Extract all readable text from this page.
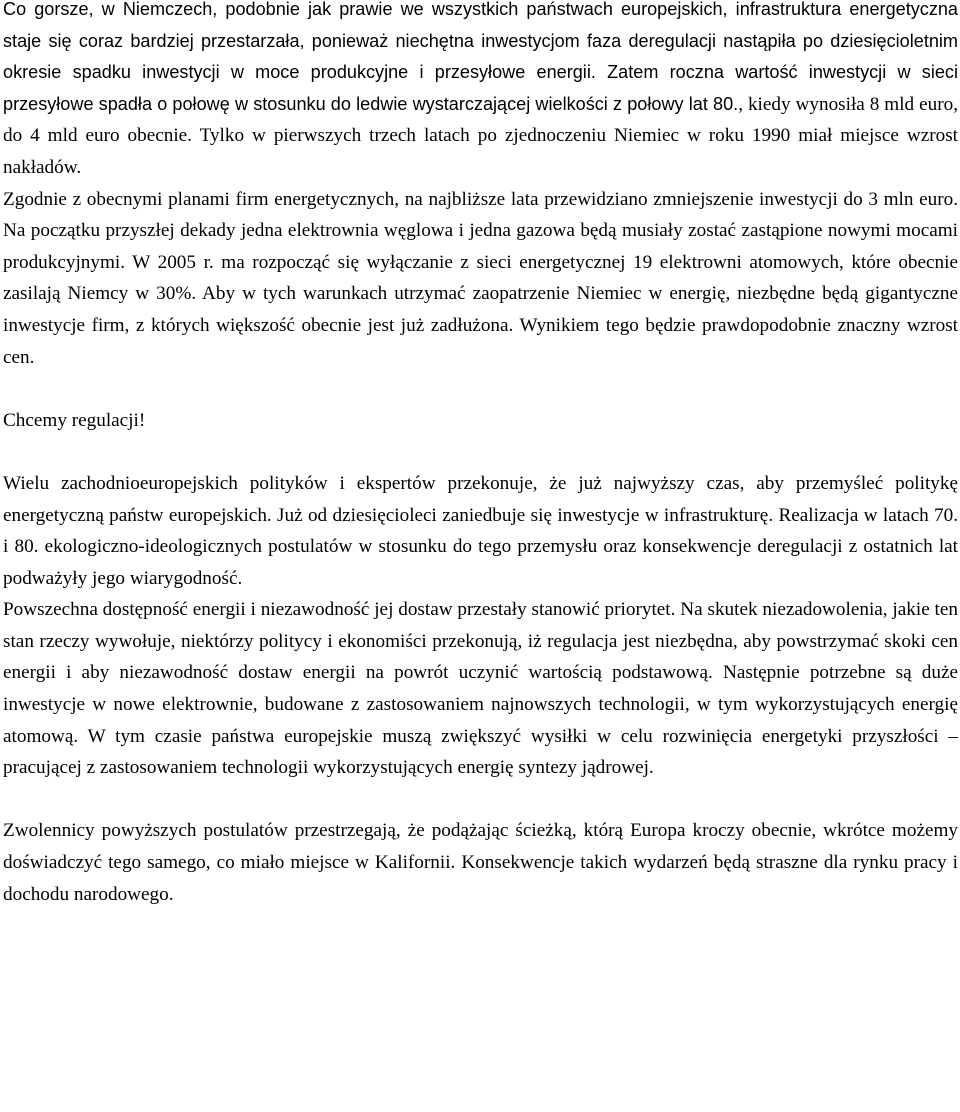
Co gorsze, w Niemczech, podobnie jak prawie we wszystkich państwach europejskich, infrastruktura energetyczna staje się coraz bardziej przestarzała, ponieważ niechętna inwestycjom faza deregulacji nastąpiła po dziesięcioletnim okresie spadku inwestycji w moce produkcyjne i przesyłowe energii. Zatem roczna wartość inwestycji w sieci przesyłowe spadła o połowę w stosunku do ledwie wystarczającej wielkości z połowy lat 80., kiedy wynosiła 8 mld euro, do 4 mld euro obecnie. Tylko w pierwszych trzech latach po zjednoczeniu Niemiec w roku 1990 miał miejsce wzrost nakładów.

Zgodnie z obecnymi planami firm energetycznych, na najbliższe lata przewidziano zmniejszenie inwestycji do 3 mln euro. Na początku przyszłej dekady jedna elektrownia węglowa i jedna gazowa będą musiały zostać zastąpione nowymi mocami produkcyjnymi. W 2005 r. ma rozpocząć się wyłączanie z sieci energetycznej 19 elektrowni atomowych, które obecnie zasilają Niemcy w 30%. Aby w tych warunkach utrzymać zaopatrzenie Niemiec w energię, niezbędne będą gigantyczne inwestycje firm, z których większość obecnie jest już zadłużona. Wynikiem tego będzie prawdopodobnie znaczny wzrost cen.

Chcemy regulacji!

Wielu zachodnioeuropejskich polityków i ekspertów przekonuje, że już najwyższy czas, aby przemyśleć politykę energetyczną państw europejskich. Już od dziesięcioleci zaniedbuje się inwestycje w infrastrukturę. Realizacja w latach 70. i 80. ekologiczno-ideologicznych postulatów w stosunku do tego przemysłu oraz konsekwencje deregulacji z ostatnich lat podważyły jego wiarygodność.

Powszechna dostępność energii i niezawodność jej dostaw przestały stanowić priorytet. Na skutek niezadowolenia, jakie ten stan rzeczy wywołuje, niektórzy politycy i ekonomiści przekonują, iż regulacja jest niezbędna, aby powstrzymać skoki cen energii i aby niezawodność dostaw energii na powrót uczynić wartością podstawową. Następnie potrzebne są duże inwestycje w nowe elektrownie, budowane z zastosowaniem najnowszych technologii, w tym wykorzystujących energię atomową. W tym czasie państwa europejskie muszą zwiększyć wysiłki w celu rozwinięcia energetyki przyszłości – pracującej z zastosowaniem technologii wykorzystujących energię syntezy jądrowej.

Zwolennicy powyższych postulatów przestrzegają, że podążając ścieżką, którą Europa kroczy obecnie, wkrótce możemy doświadczyć tego samego, co miało miejsce w Kalifornii. Konsekwencje takich wydarzeń będą straszne dla rynku pracy i dochodu narodowego.
